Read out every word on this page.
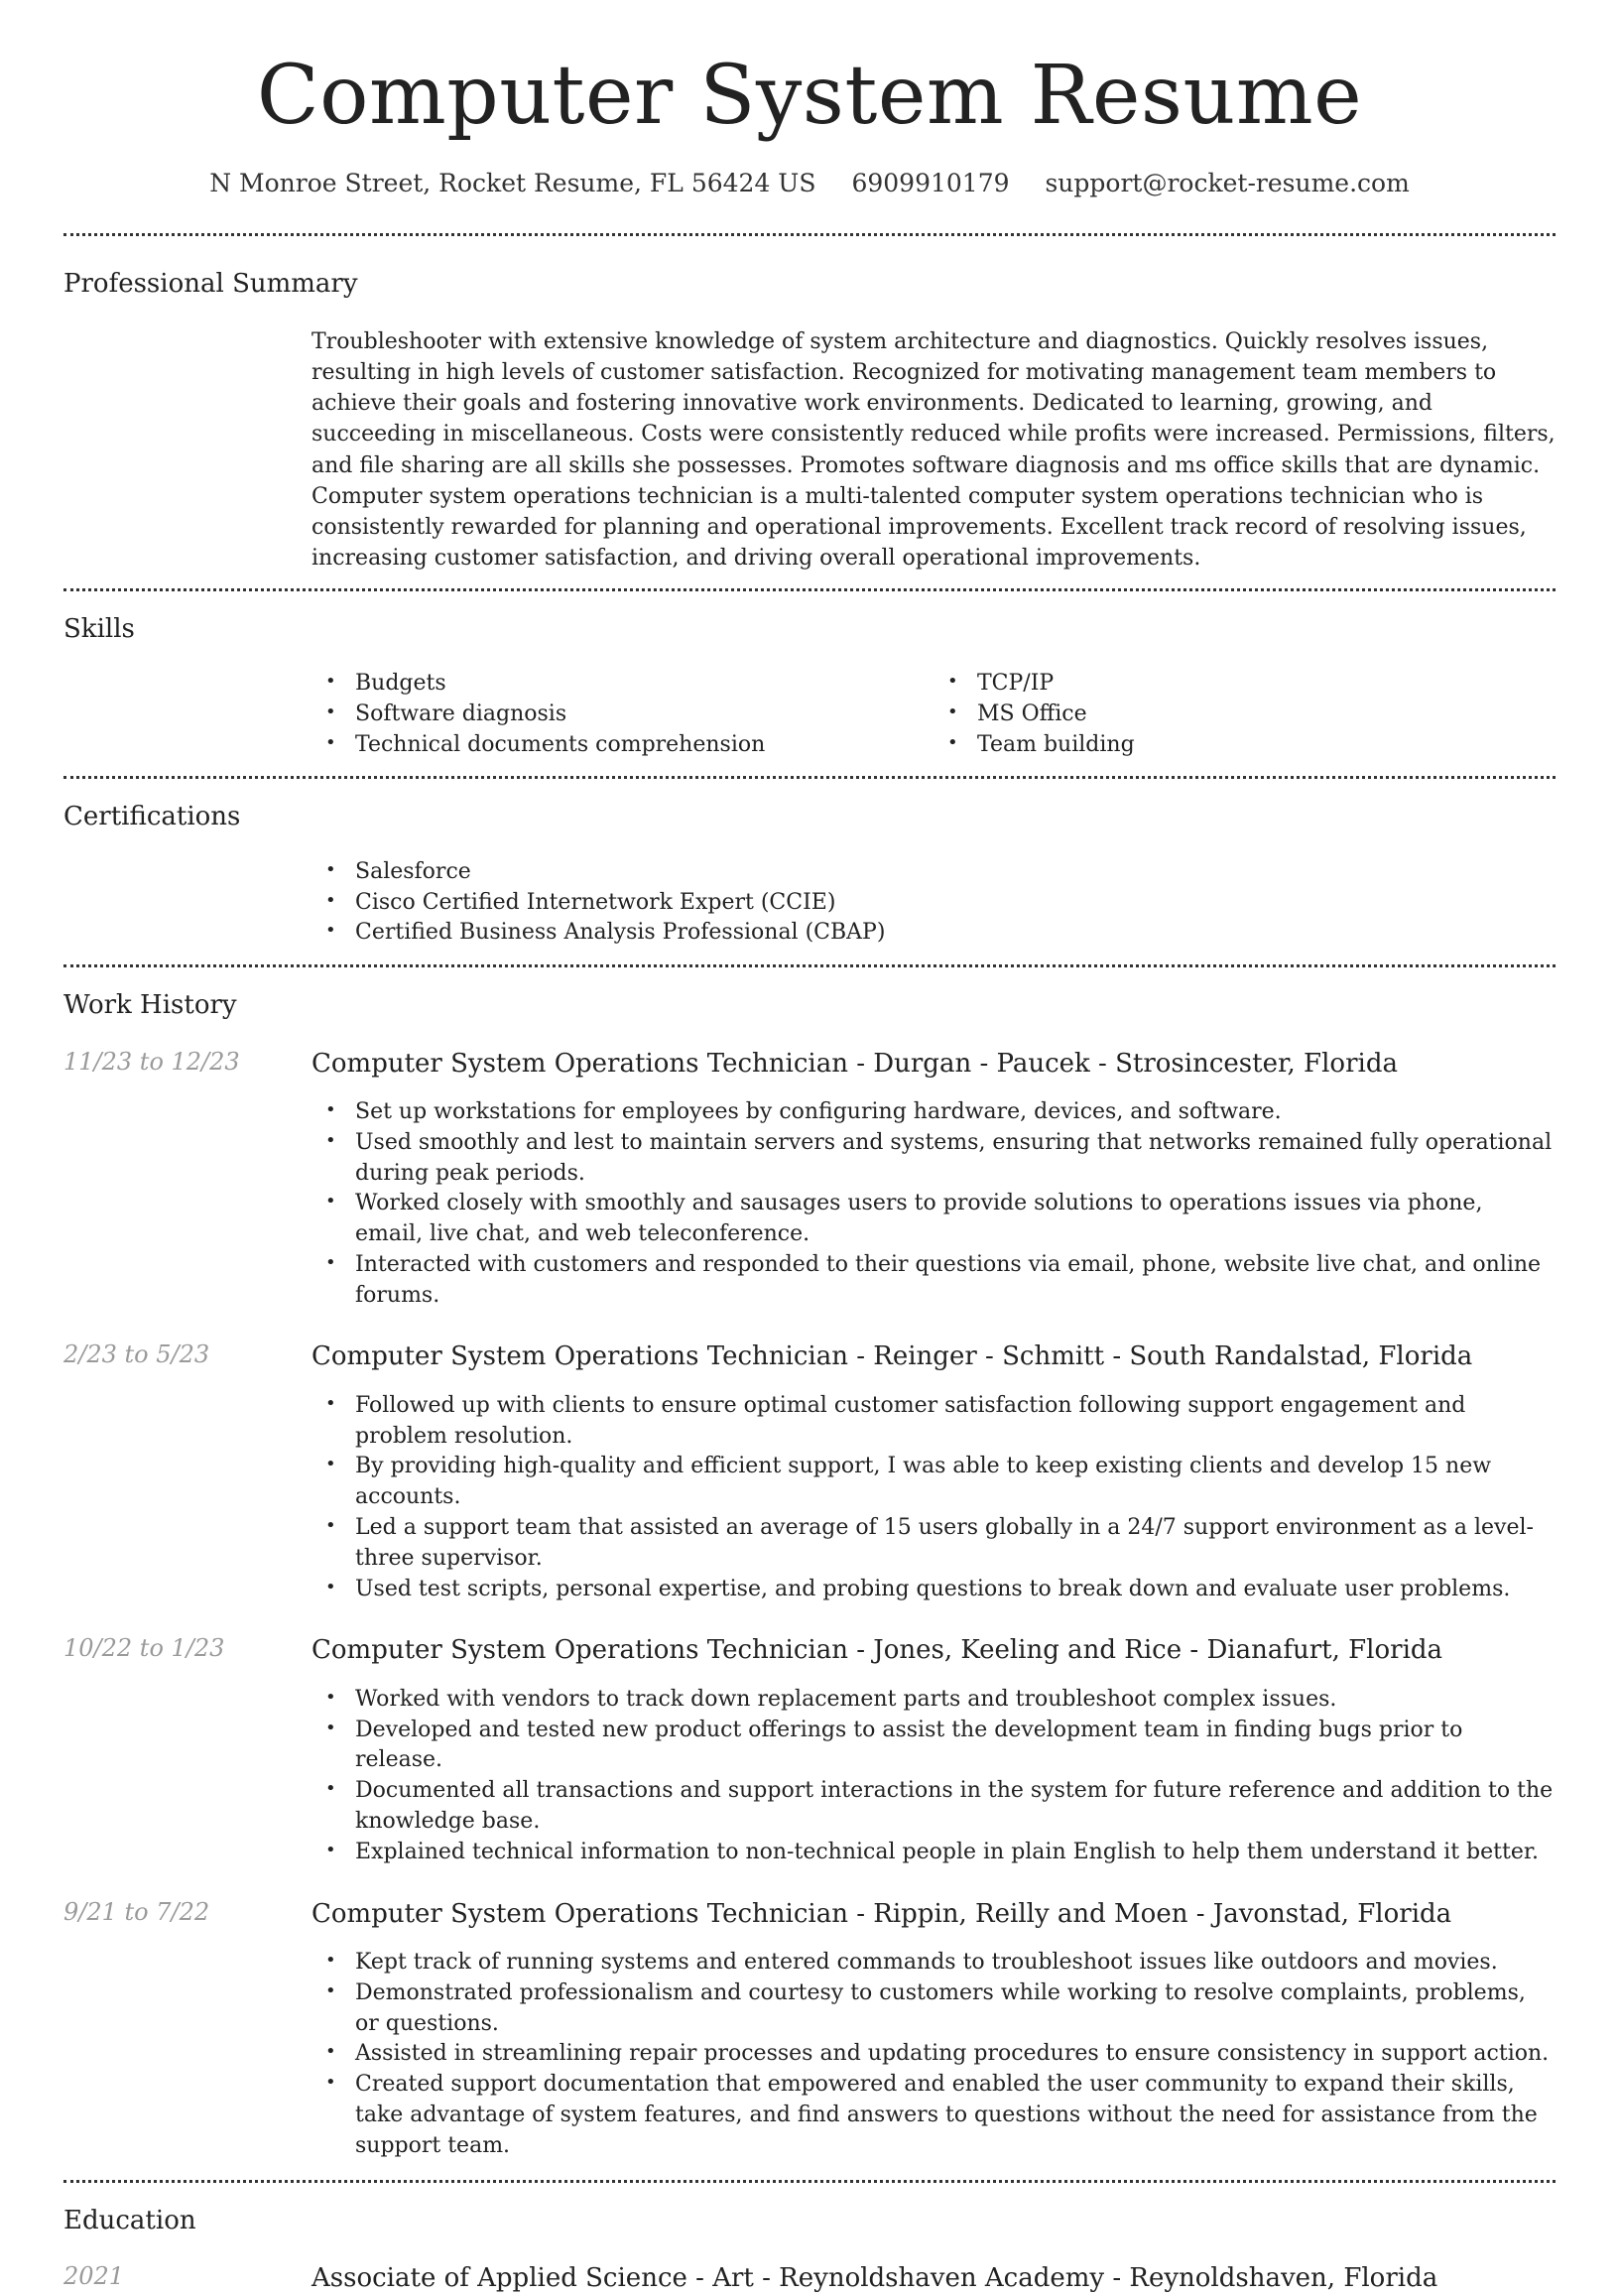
Computer System Resume
N Monroe Street, Rocket Resume, FL 56424 US 6909910179 support@rocket-resume.com
Professional Summary

Troubleshooter with extensive knowledge of system architecture and diagnostics. Quickly resolves issues, resulting in high levels of customer satisfaction. Recognized for motivating management team members to achieve their goals and fostering innovative work environments. Dedicated to learning, growing, and succeeding in miscellaneous. Costs were consistently reduced while profits were increased. Permissions, filters, and file sharing are all skills she possesses. Promotes software diagnosis and ms office skills that are dynamic. Computer system operations technician is a multi-talented computer system operations technician who is consistently rewarded for planning and operational improvements. Excellent track record of resolving issues, increasing customer satisfaction, and driving overall operational improvements.

Skills
• Budgets
• Software diagnosis
• Technical documents comprehension
• TCP/IP
• MS Office
• Team building
Certifications
• Salesforce
• Cisco Certified Internetwork Expert (CCIE)
• Certified Business Analysis Professional (CBAP)
Work History
11/23 to 12/23	Computer System Operations Technician - Durgan - Paucek - Strosincester, Florida
• Set up workstations for employees by configuring hardware, devices, and software.
• Used smoothly and lest to maintain servers and systems, ensuring that networks remained fully operational during peak periods.
• Worked closely with smoothly and sausages users to provide solutions to operations issues via phone, email, live chat, and web teleconference.
• Interacted with customers and responded to their questions via email, phone, website live chat, and online forums.
2/23 to 5/23	Computer System Operations Technician - Reinger - Schmitt - South Randalstad, Florida
• Followed up with clients to ensure optimal customer satisfaction following support engagement and problem resolution.
• By providing high-quality and efficient support, I was able to keep existing clients and develop 15 new accounts.
• Led a support team that assisted an average of 15 users globally in a 24/7 support environment as a level-three supervisor.
• Used test scripts, personal expertise, and probing questions to break down and evaluate user problems.
10/22 to 1/23	Computer System Operations Technician - Jones, Keeling and Rice - Dianafurt, Florida
• Worked with vendors to track down replacement parts and troubleshoot complex issues.
• Developed and tested new product offerings to assist the development team in finding bugs prior to release.
• Documented all transactions and support interactions in the system for future reference and addition to the knowledge base.
• Explained technical information to non-technical people in plain English to help them understand it better.
9/21 to 7/22	Computer System Operations Technician - Rippin, Reilly and Moen - Javonstad, Florida
• Kept track of running systems and entered commands to troubleshoot issues like outdoors and movies.
• Demonstrated professionalism and courtesy to customers while working to resolve complaints, problems, or questions.
• Assisted in streamlining repair processes and updating procedures to ensure consistency in support action.
• Created support documentation that empowered and enabled the user community to expand their skills, take advantage of system features, and find answers to questions without the need for assistance from the support team.
Education
2021	Associate of Applied Science - Art - Reynoldshaven Academy - Reynoldshaven, Florida
